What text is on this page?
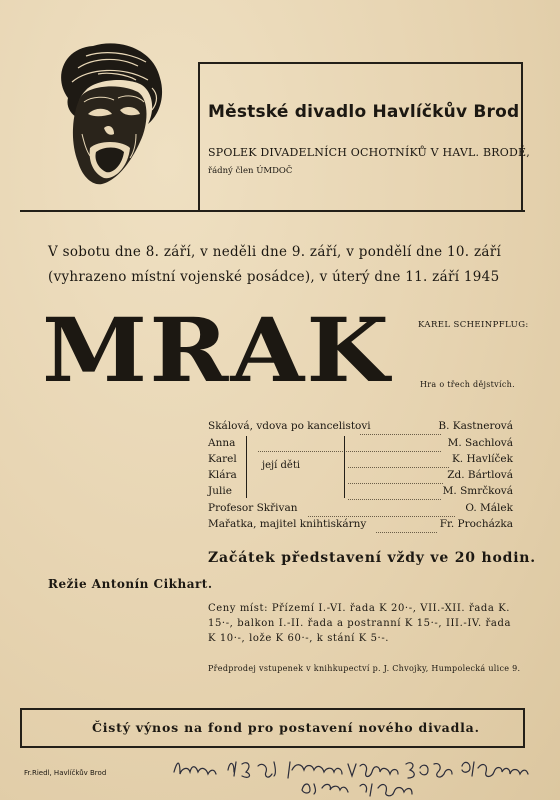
Městské divadlo Havlíčkův Brod
SPOLEK DIVADELNÍCH OCHOTNÍKŮ V HAVL. BRODĚ,
řádný člen ÚMDOČ
V sobotu dne 8. září, v neděli dne 9. září, v pondělí dne 10. září (vyhrazeno místní vojenské posádce), v úterý dne 11. září 1945
MRAK	KAREL SCHEINPFLUG:
Hra o třech dějstvích.
Skálová, vdova po kancelistovi	B. Kastnerová
Anna	M. Sachlová
Karel	K. Havlíček
Klára	Zd. Bártlová
Julie	M. Smrčková
Profesor Skřivan	O. Málek
Mařatka, majitel knihtiskárny	Fr. Procházka
její děti
Začátek představení vždy ve 20 hodin.
Režie Antonín Cikhart.
Ceny míst: Přízemí I.-VI. řada K 20·-, VII.-XII. řada K. 15·-, balkon I.-II. řada a postranní K 15·-, III.-IV. řada K 10·-, lože K 60·-, k stání K 5·-.
Předprodej vstupenek v knihkupectví p. J. Chvojky, Humpolecká ulice 9.
Čistý výnos na fond pro postavení nového divadla.
Fr.Riedl, Havlíčkův Brod
